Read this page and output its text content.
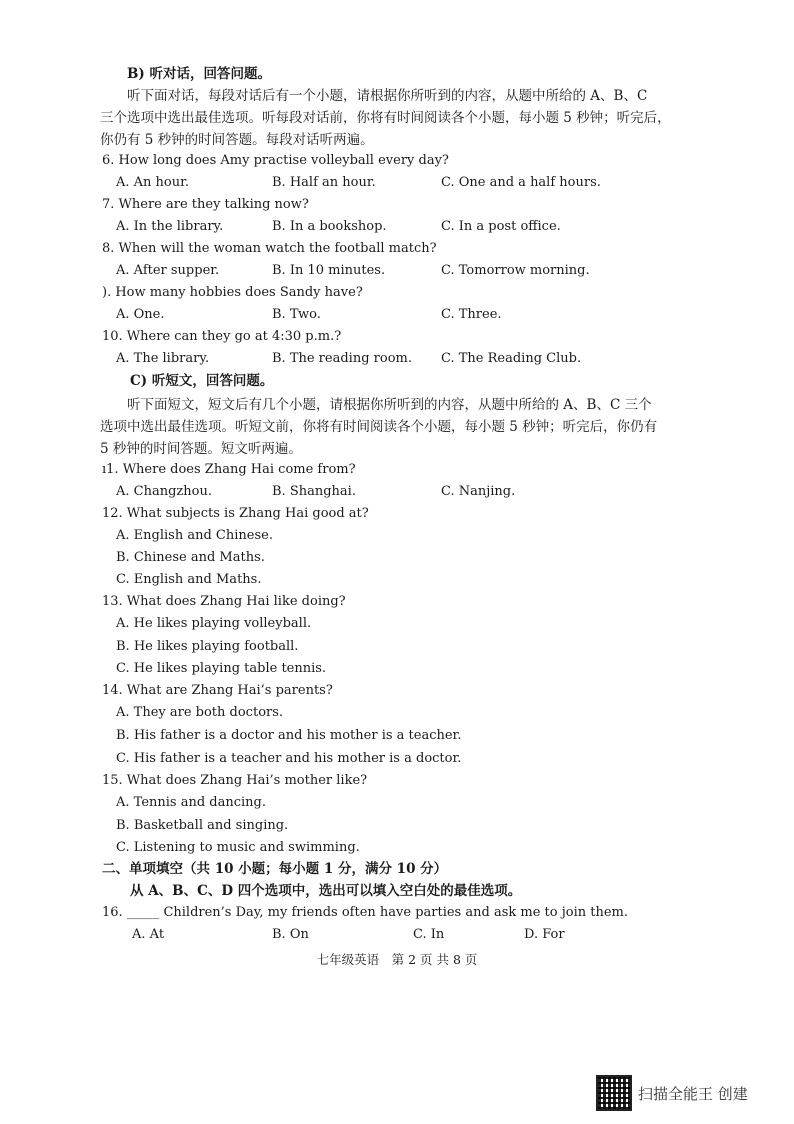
B) 听对话，回答问题。
听下面对话，每段对话后有一个小题，请根据你所听到的内容，从题中所给的 A、B、C
三个选项中选出最佳选项。听每段对话前，你将有时间阅读各个小题，每小题 5 秒钟；听完后，
你仍有 5 秒钟的时间答题。每段对话听两遍。
6. How long does Amy practise volleyball every day?
A. An hour.	B. Half an hour.	C. One and a half hours.
7. Where are they talking now?
A. In the library.	B. In a bookshop.	C. In a post office.
8. When will the woman watch the football match?
A. After supper.	B. In 10 minutes.	C. Tomorrow morning.
). How many hobbies does Sandy have?
A. One.	B. Two.	C. Three.
10. Where can they go at 4:30 p.m.?
A. The library.	B. The reading room. C. The Reading Club.
C) 听短文，回答问题。
听下面短文，短文后有几个小题，请根据你所听到的内容，从题中所给的 A、B、C 三个
选项中选出最佳选项。听短文前，你将有时间阅读各个小题，每小题 5 秒钟；听完后，你仍有
5 秒钟的时间答题。短文听两遍。
ı1. Where does Zhang Hai come from?
A. Changzhou.	B. Shanghai.	C. Nanjing.
12. What subjects is Zhang Hai good at?
A. English and Chinese.
B. Chinese and Maths.
C. English and Maths.
13. What does Zhang Hai like doing?
A. He likes playing volleyball.
B. He likes playing football.
C. He likes playing table tennis.
14. What are Zhang Hai’s parents?
A. They are both doctors.
B. His father is a doctor and his mother is a teacher.
C. His father is a teacher and his mother is a doctor.
15. What does Zhang Hai’s mother like?
A. Tennis and dancing.
B. Basketball and singing.
C. Listening to music and swimming.
二、单项填空（共 10 小题；每小题 1 分，满分 10 分）
从 A、B、C、D 四个选项中，选出可以填入空白处的最佳选项。
16. _____ Children’s Day, my friends often have parties and ask me to join them.
A. At	B. On	C. In	D. For
七年级英语　第 2 页 共 8 页
扫描全能王 创建
